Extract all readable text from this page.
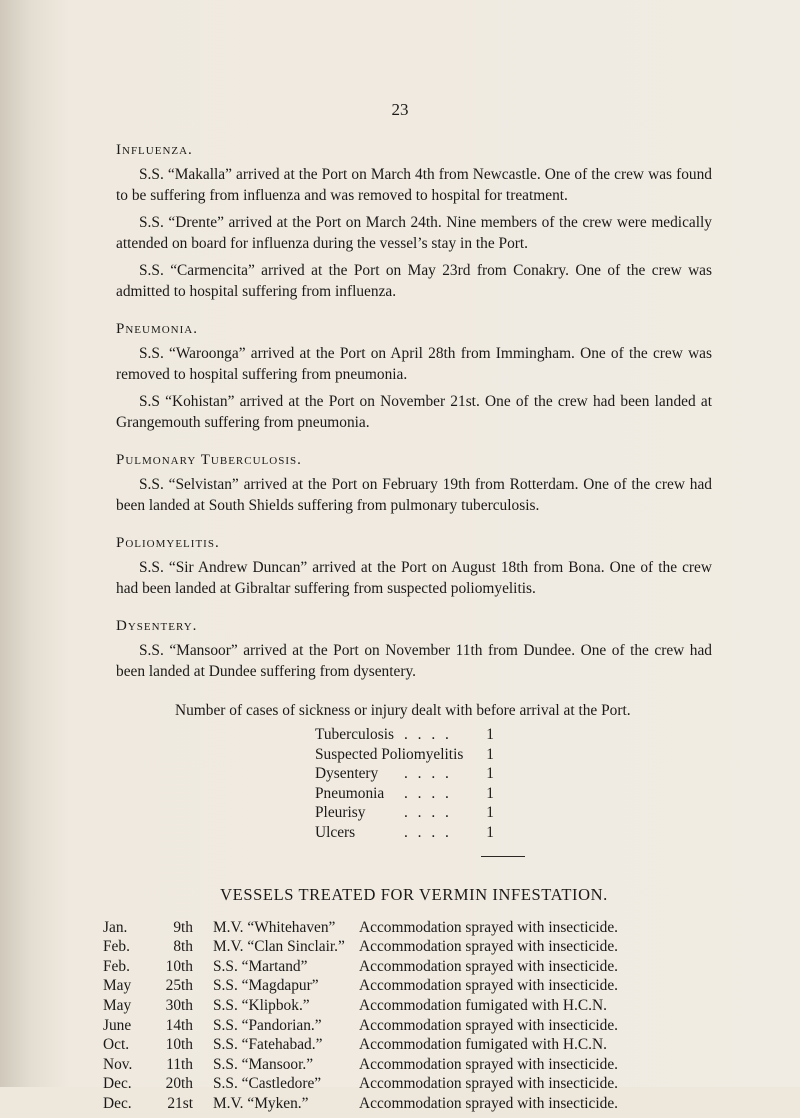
23
Influenza.

S.S. “Makalla” arrived at the Port on March 4th from Newcastle. One of the crew was found to be suffering from influenza and was removed to hospital for treatment.

S.S. “Drente” arrived at the Port on March 24th. Nine members of the crew were medically attended on board for influenza during the vessel’s stay in the Port.

S.S. “Carmencita” arrived at the Port on May 23rd from Conakry. One of the crew was admitted to hospital suffering from influenza.

Pneumonia.

S.S. “Waroonga” arrived at the Port on April 28th from Immingham. One of the crew was removed to hospital suffering from pneumonia.

S.S “Kohistan” arrived at the Port on November 21st. One of the crew had been landed at Grangemouth suffering from pneumonia.

Pulmonary Tuberculosis.

S.S. “Selvistan” arrived at the Port on February 19th from Rotterdam. One of the crew had been landed at South Shields suffering from pulmonary tuberculosis.

Poliomyelitis.

S.S. “Sir Andrew Duncan” arrived at the Port on August 18th from Bona. One of the crew had been landed at Gibraltar suffering from suspected poliomyelitis.

Dysentery.

S.S. “Mansoor” arrived at the Port on November 11th from Dundee. One of the crew had been landed at Dundee suffering from dysentery.

Number of cases of sickness or injury dealt with before arrival at the Port.
Tuberculosis	. . . .	1
Suspected Poliomyelitis		1
Dysentery	. . . .	1
Pneumonia	. . . .	1
Pleurisy	. . . .	1
Ulcers	. . . .	1
VESSELS TREATED FOR VERMIN INFESTATION.
Jan.	9th	M.V. “Whitehaven”	Accommodation sprayed with insecticide.
Feb.	8th	M.V. “Clan Sinclair.”	Accommodation sprayed with insecticide.
Feb.	10th	S.S. “Martand”	Accommodation sprayed with insecticide.
May	25th	S.S. “Magdapur”	Accommodation sprayed with insecticide.
May	30th	S.S. “Klipbok.”	Accommodation fumigated with H.C.N.
June	14th	S.S. “Pandorian.”	Accommodation sprayed with insecticide.
Oct.	10th	S.S. “Fatehabad.”	Accommodation fumigated with H.C.N.
Nov.	11th	S.S. “Mansoor.”	Accommodation sprayed with insecticide.
Dec.	20th	S.S. “Castledore”	Accommodation sprayed with insecticide.
Dec.	21st	M.V. “Myken.”	Accommodation sprayed with insecticide.
